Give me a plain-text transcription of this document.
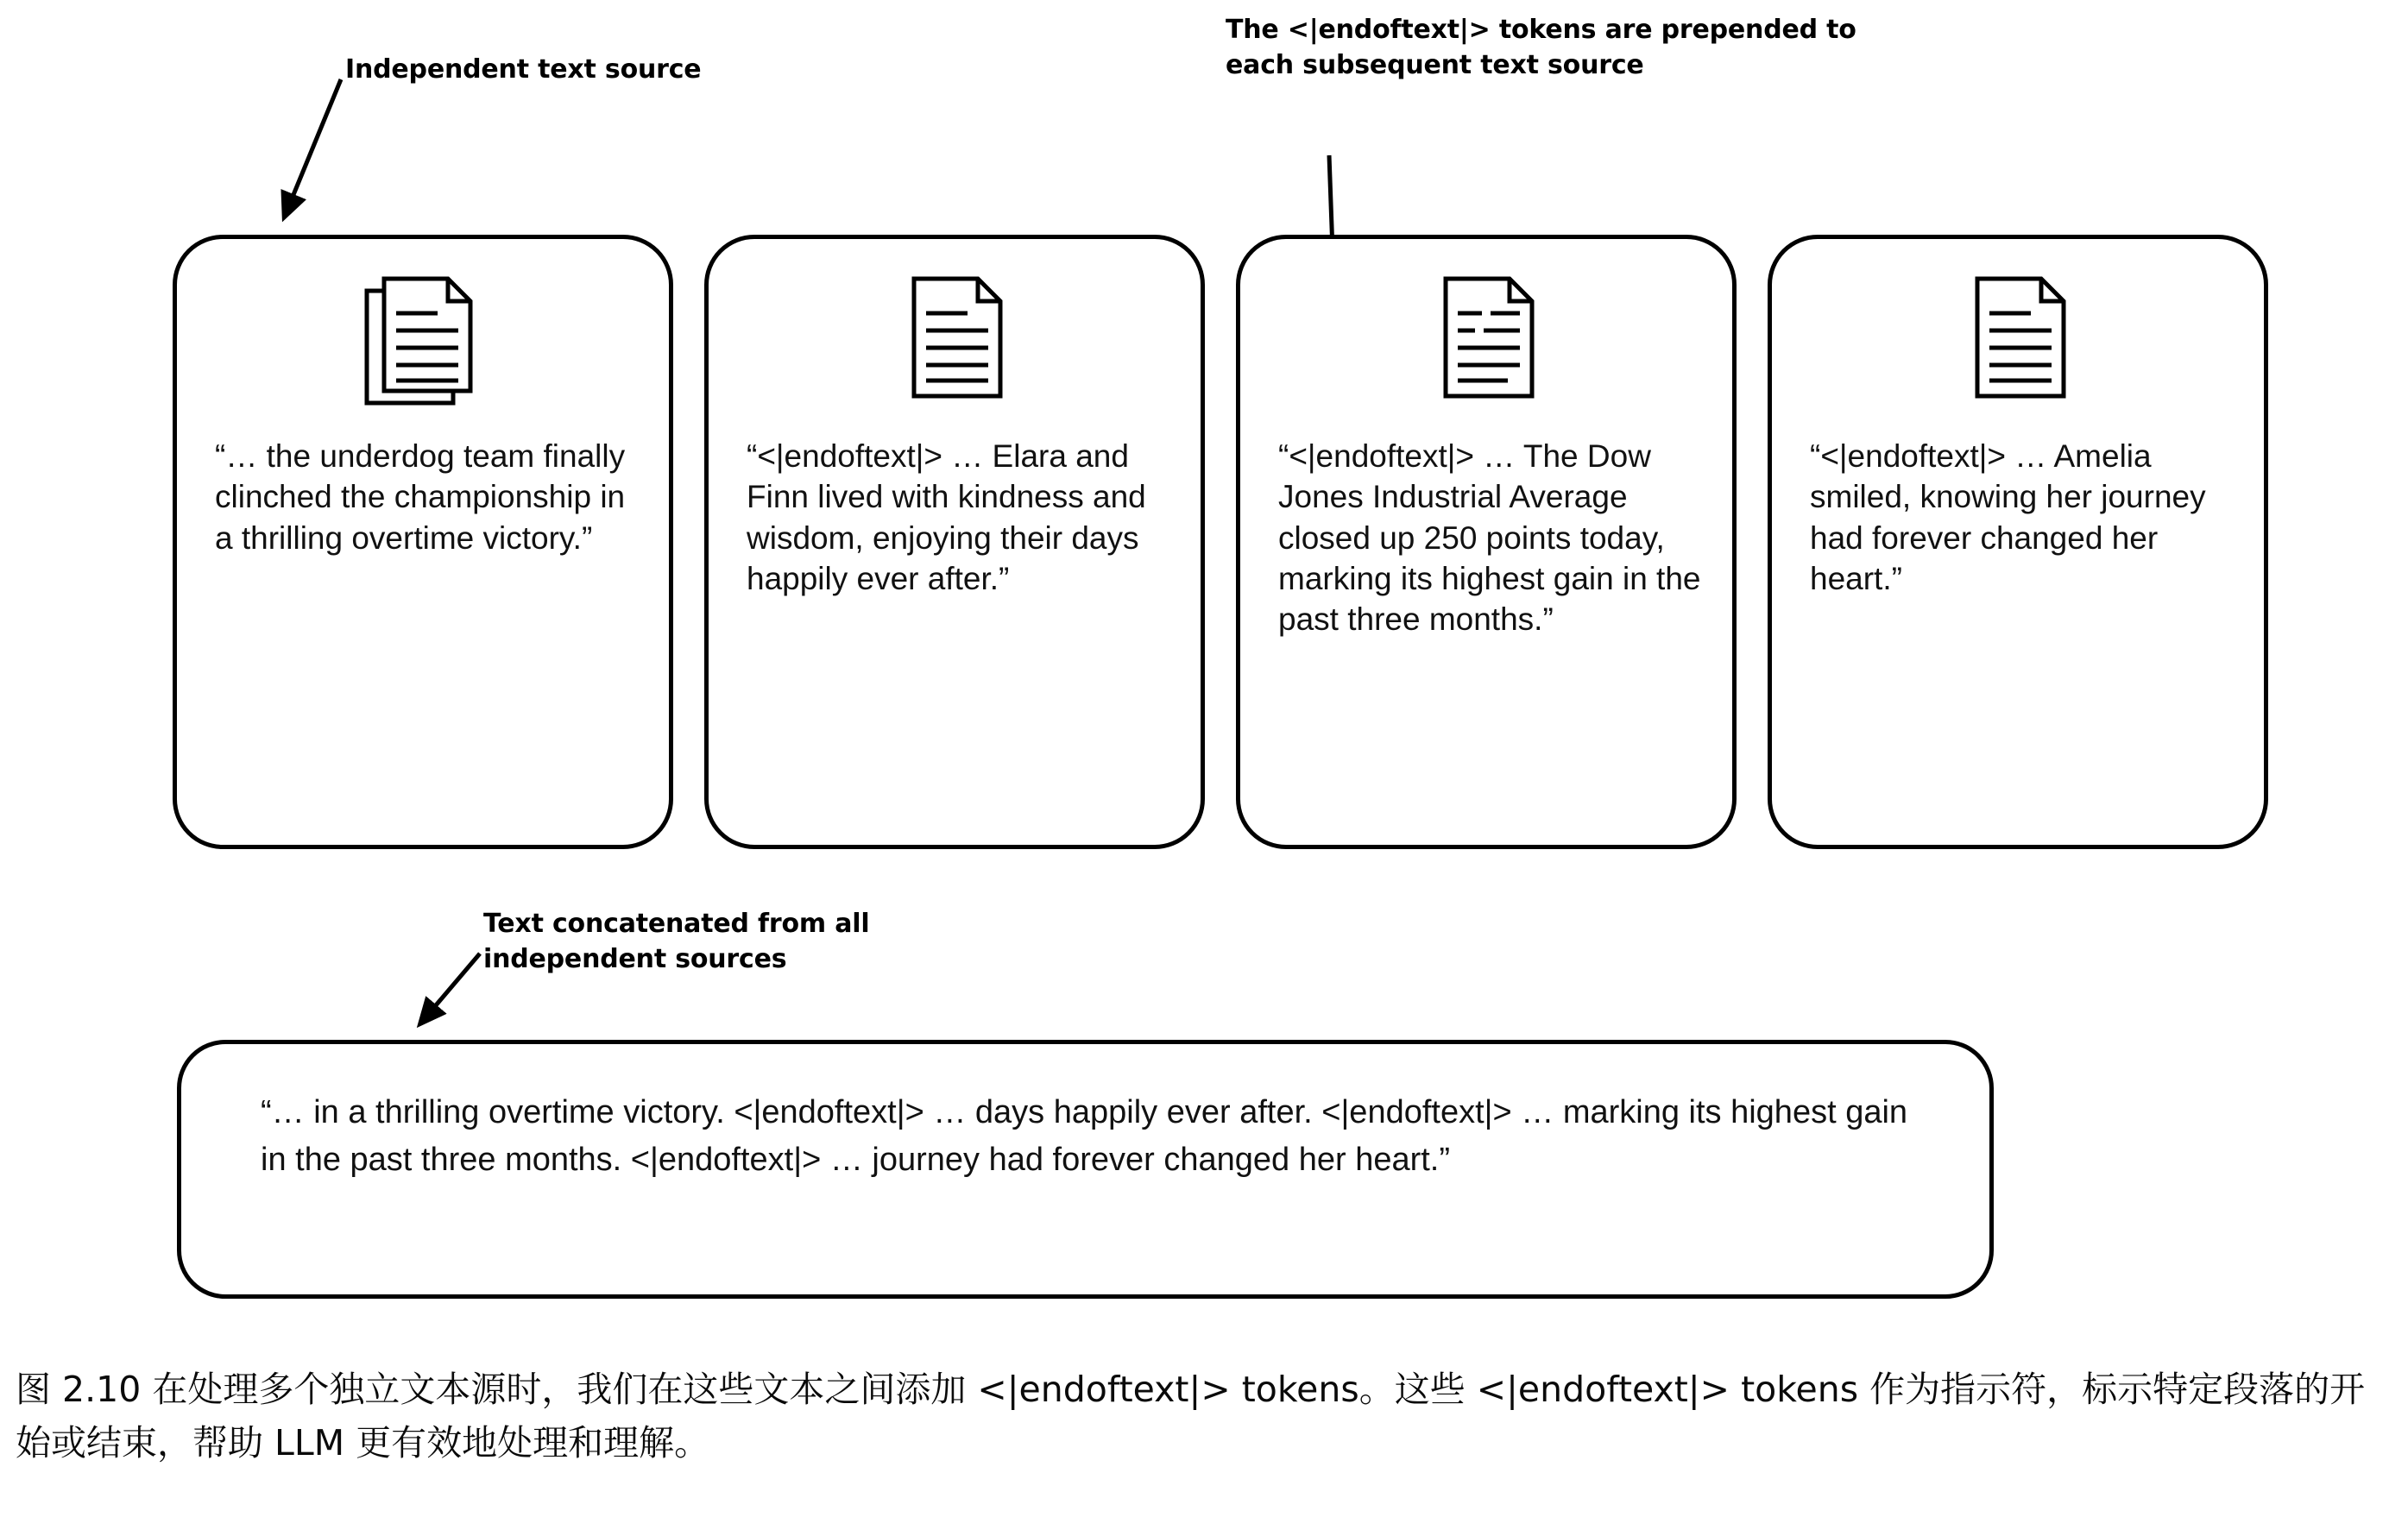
Independent text source
The <|endoftext|> tokens are prepended to each subsequent text source
Text concatenated from all independent sources
“… the underdog team finally clinched the championship in a thrilling overtime victory.”
“<|endoftext|> … Elara and Finn lived with kindness and wisdom, enjoying their days happily ever after.”
“<|endoftext|> … The Dow Jones Industrial Average closed up 250 points today, marking its highest gain in the past three months.”
“<|endoftext|> … Amelia smiled, knowing her journey had forever changed her heart.”
“… in a thrilling overtime victory. <|endoftext|> … days happily ever after. <|endoftext|> … marking its highest gain in the past three months. <|endoftext|> … journey had forever changed her heart.”
图 2.10 在处理多个独立文本源时，我们在这些文本之间添加 <|endoftext|> tokens。这些 <|endoftext|> tokens 作为指示符，标示特定段落的开始或结束，帮助 LLM 更有效地处理和理解。
